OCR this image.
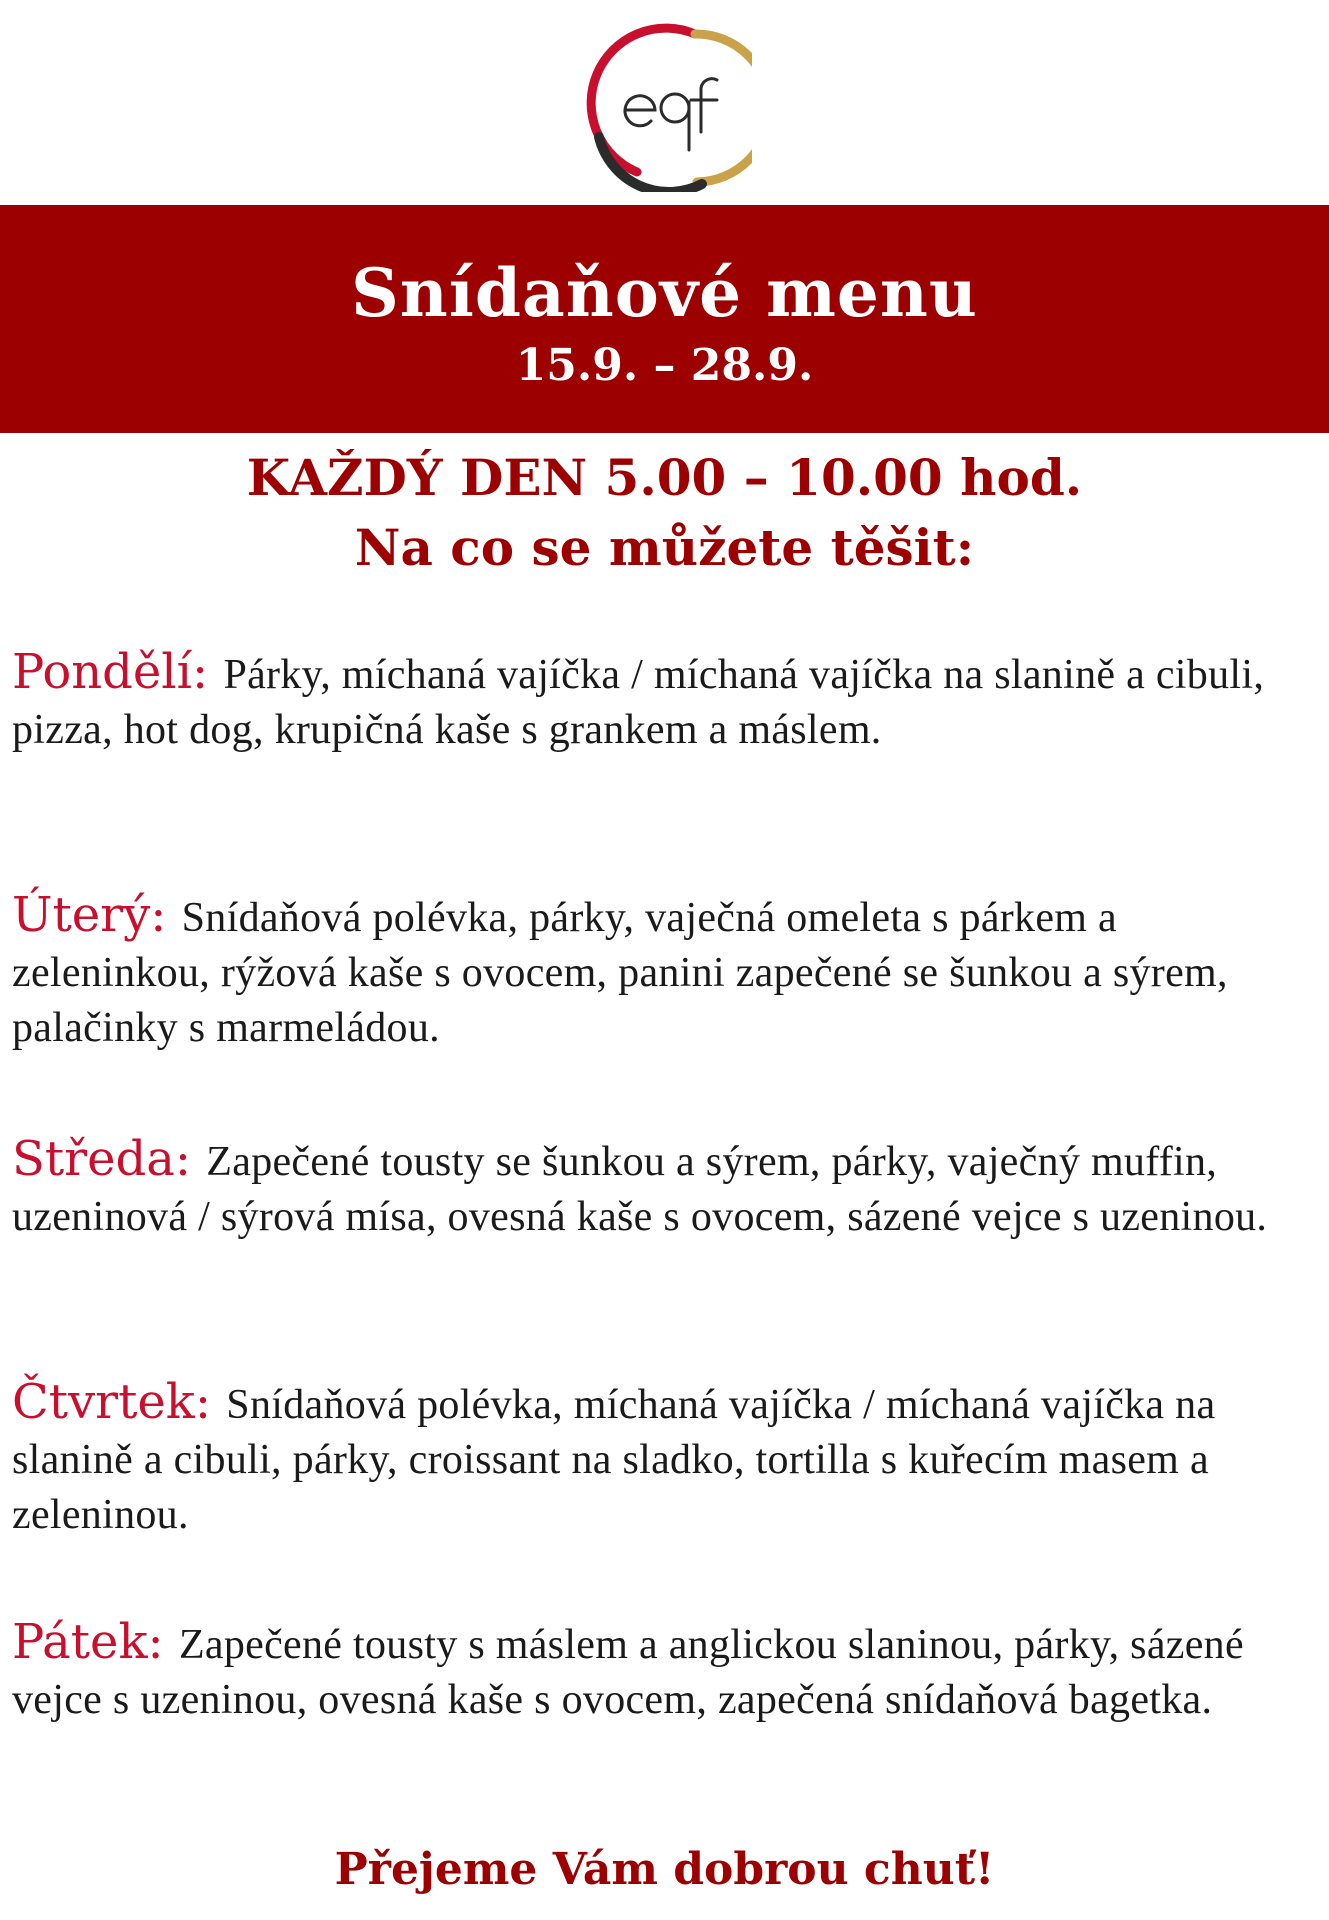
Snídaňové menu
15.9. – 28.9.
KAŽDÝ DEN 5.00 – 10.00 hod.
Na co se můžete těšit:
Pondělí: Párky, míchaná vajíčka / míchaná vajíčka na slanině a cibuli, pizza, hot dog, krupičná kaše s grankem a máslem.
Úterý: Snídaňová polévka, párky, vaječná omeleta s párkem a zeleninkou, rýžová kaše s ovocem, panini zapečené se šunkou a sýrem, palačinky s marmeládou.
Středa: Zapečené tousty se šunkou a sýrem, párky, vaječný muffin, uzeninová / sýrová mísa, ovesná kaše s ovocem, sázené vejce s uzeninou.
Čtvrtek: Snídaňová polévka, míchaná vajíčka / míchaná vajíčka na slanině a cibuli, párky, croissant na sladko, tortilla s kuřecím masem a zeleninou.
Pátek: Zapečené tousty s máslem a anglickou slaninou, párky, sázené vejce s uzeninou, ovesná kaše s ovocem, zapečená snídaňová bagetka.
Přejeme Vám dobrou chuť!
